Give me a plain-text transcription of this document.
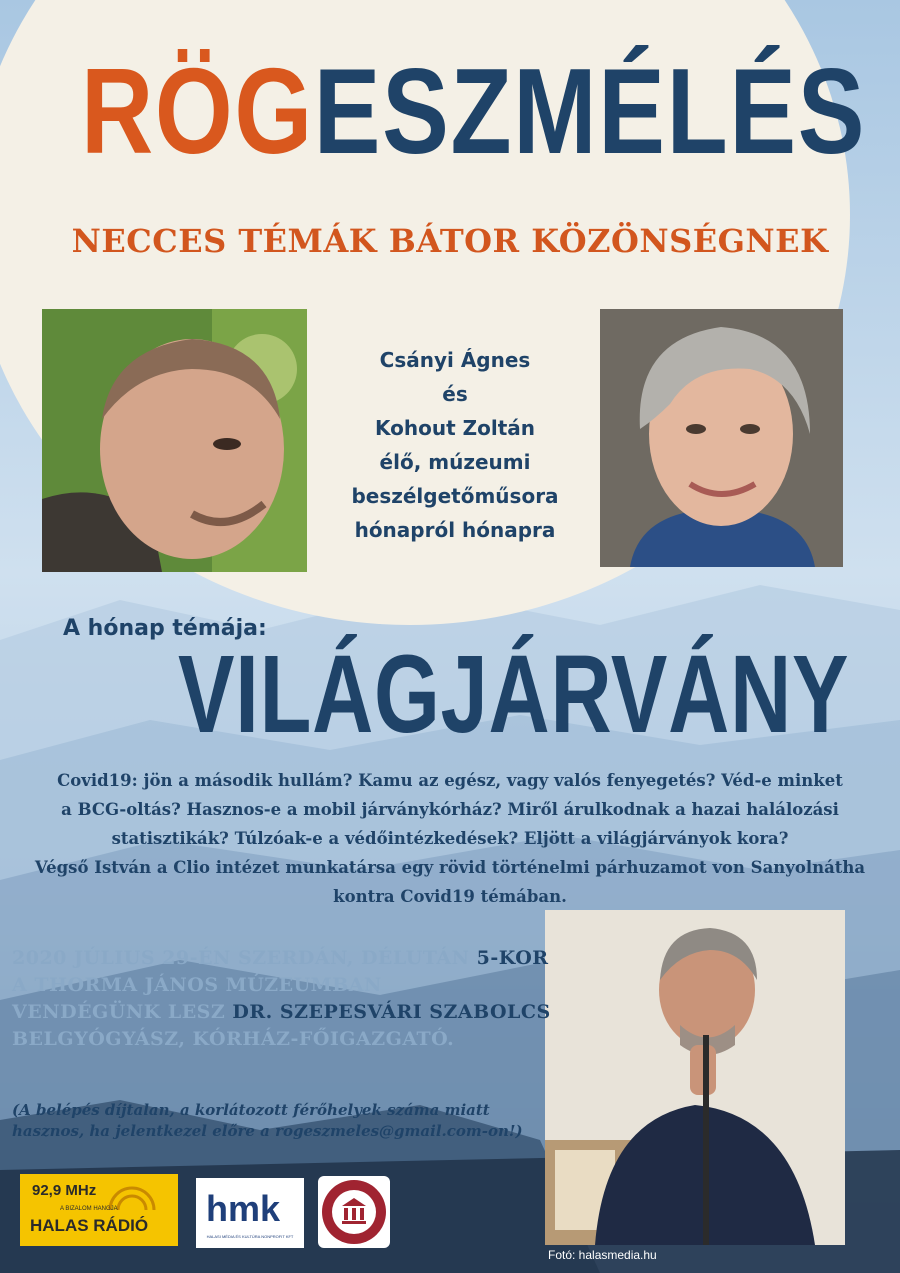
RÖGESZMÉLÉS
NECCES TÉMÁK BÁTOR KÖZÖNSÉGNEK
Csányi Ágnes
és
Kohout Zoltán
élő, múzeumi
beszélgetőműsora
hónapról hónapra
A hónap témája:
VILÁGJÁRVÁNY
Covid19: jön a második hullám? Kamu az egész, vagy valós fenyegetés? Véd-e minket
a BCG-oltás? Hasznos-e a mobil járványkórház? Miről árulkodnak a hazai halálozási
statisztikák? Túlzóak-e a védőintézkedések? Eljött a világjárványok kora?
Végső István a Clio intézet munkatársa egy rövid történelmi párhuzamot von Sanyolnátha
kontra Covid19 témában.
2020 JÚLIUS 29-ÉN SZERDÁN, DÉLUTÁN 5-KOR
A THORMA JÁNOS MÚZEUMBAN
VENDÉGÜNK LESZ DR. SZEPESVÁRI SZABOLCS
BELGYÓGYÁSZ, KÓRHÁZ-FŐIGAZGATÓ.
(A belépés díjtalan, a korlátozott férőhelyek száma miatt hasznos, ha jelentkezel előre a rogeszmeles@gmail.com-on!)
92,9 MHz
A BIZALOM HANGJA
HALAS RÁDIÓ hmk
HALASI MÉDIA ÉS KULTÚRA NONPROFIT KFT
Fotó: halasmedia.hu
